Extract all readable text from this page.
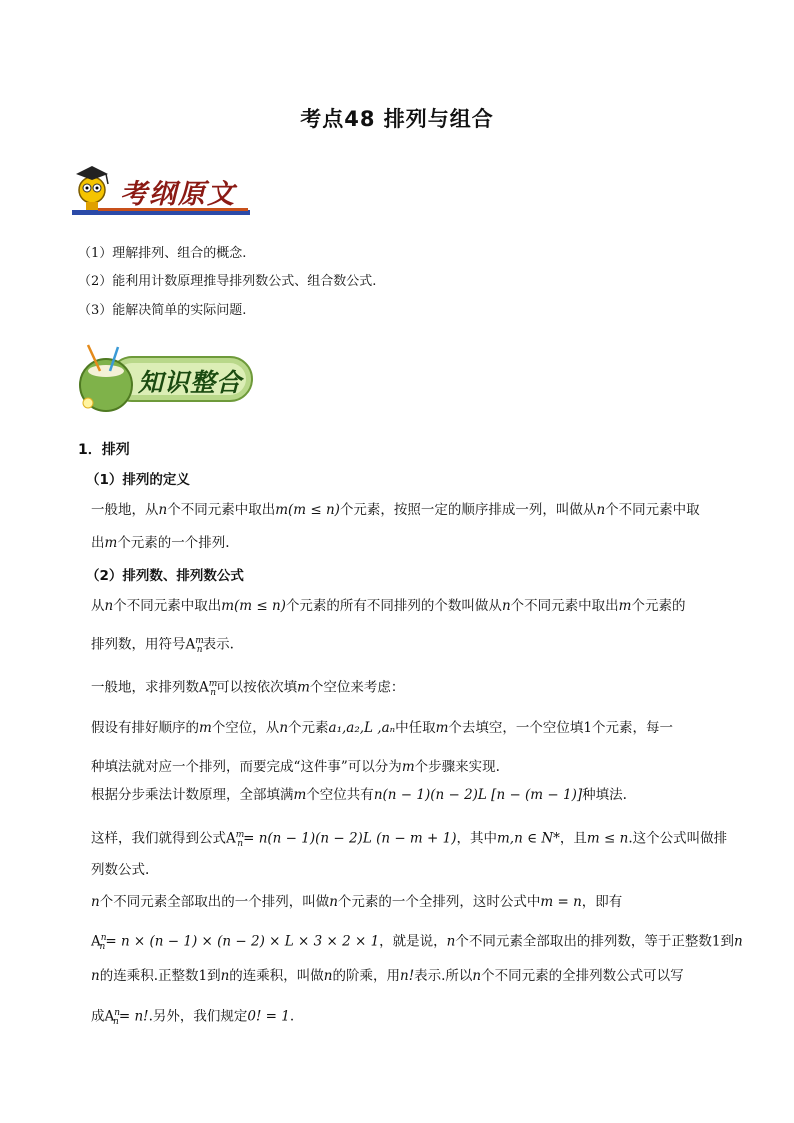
考点48 排列与组合
考纲原文
（1）理解排列、组合的概念.
（2）能利用计数原理推导排列数公式、组合数公式.
（3）能解决简单的实际问题.
知识整合
1．排列
（1）排列的定义
一般地，从n个不同元素中取出m(m ≤ n)个元素，按照一定的顺序排成一列，叫做从n个不同元素中取
出m个元素的一个排列.
（2）排列数、排列数公式
从n个不同元素中取出m(m ≤ n)个元素的所有不同排列的个数叫做从n个不同元素中取出m个元素的
排列数，用符号$A^m_n$表示.
一般地，求排列数$A^m_n$可以按依次填m个空位来考虑：
假设有排好顺序的m个空位，从n个元素a₁,a₂,L ,aₙ中任取m个去填空，一个空位填1个元素，每一
种填法就对应一个排列，而要完成“这件事”可以分为m个步骤来实现.
根据分步乘法计数原理，全部填满m个空位共有n(n − 1)(n − 2)L [n − (m − 1)]种填法.
这样，我们就得到公式$A^m_n= n(n - 1)(n - 2)L$ (n − m + 1)，其中m,n ∈ N*，且m ≤ n.这个公式叫做排
列数公式.
n个不同元素全部取出的一个排列，叫做n个元素的一个全排列，这时公式中m = n，即有
$A^n_n= n \times (n - 1) \times (n - 2) \times L \times 3 \times 2 \times 1$，就是说，n个不同元素全部取出的排列数，等于正整数1到n
n的连乘积.正整数1到n的连乘积，叫做n的阶乘，用n!表示.所以n个不同元素的全排列数公式可以写
成$A^n_n= n$!.另外，我们规定0! = 1.
